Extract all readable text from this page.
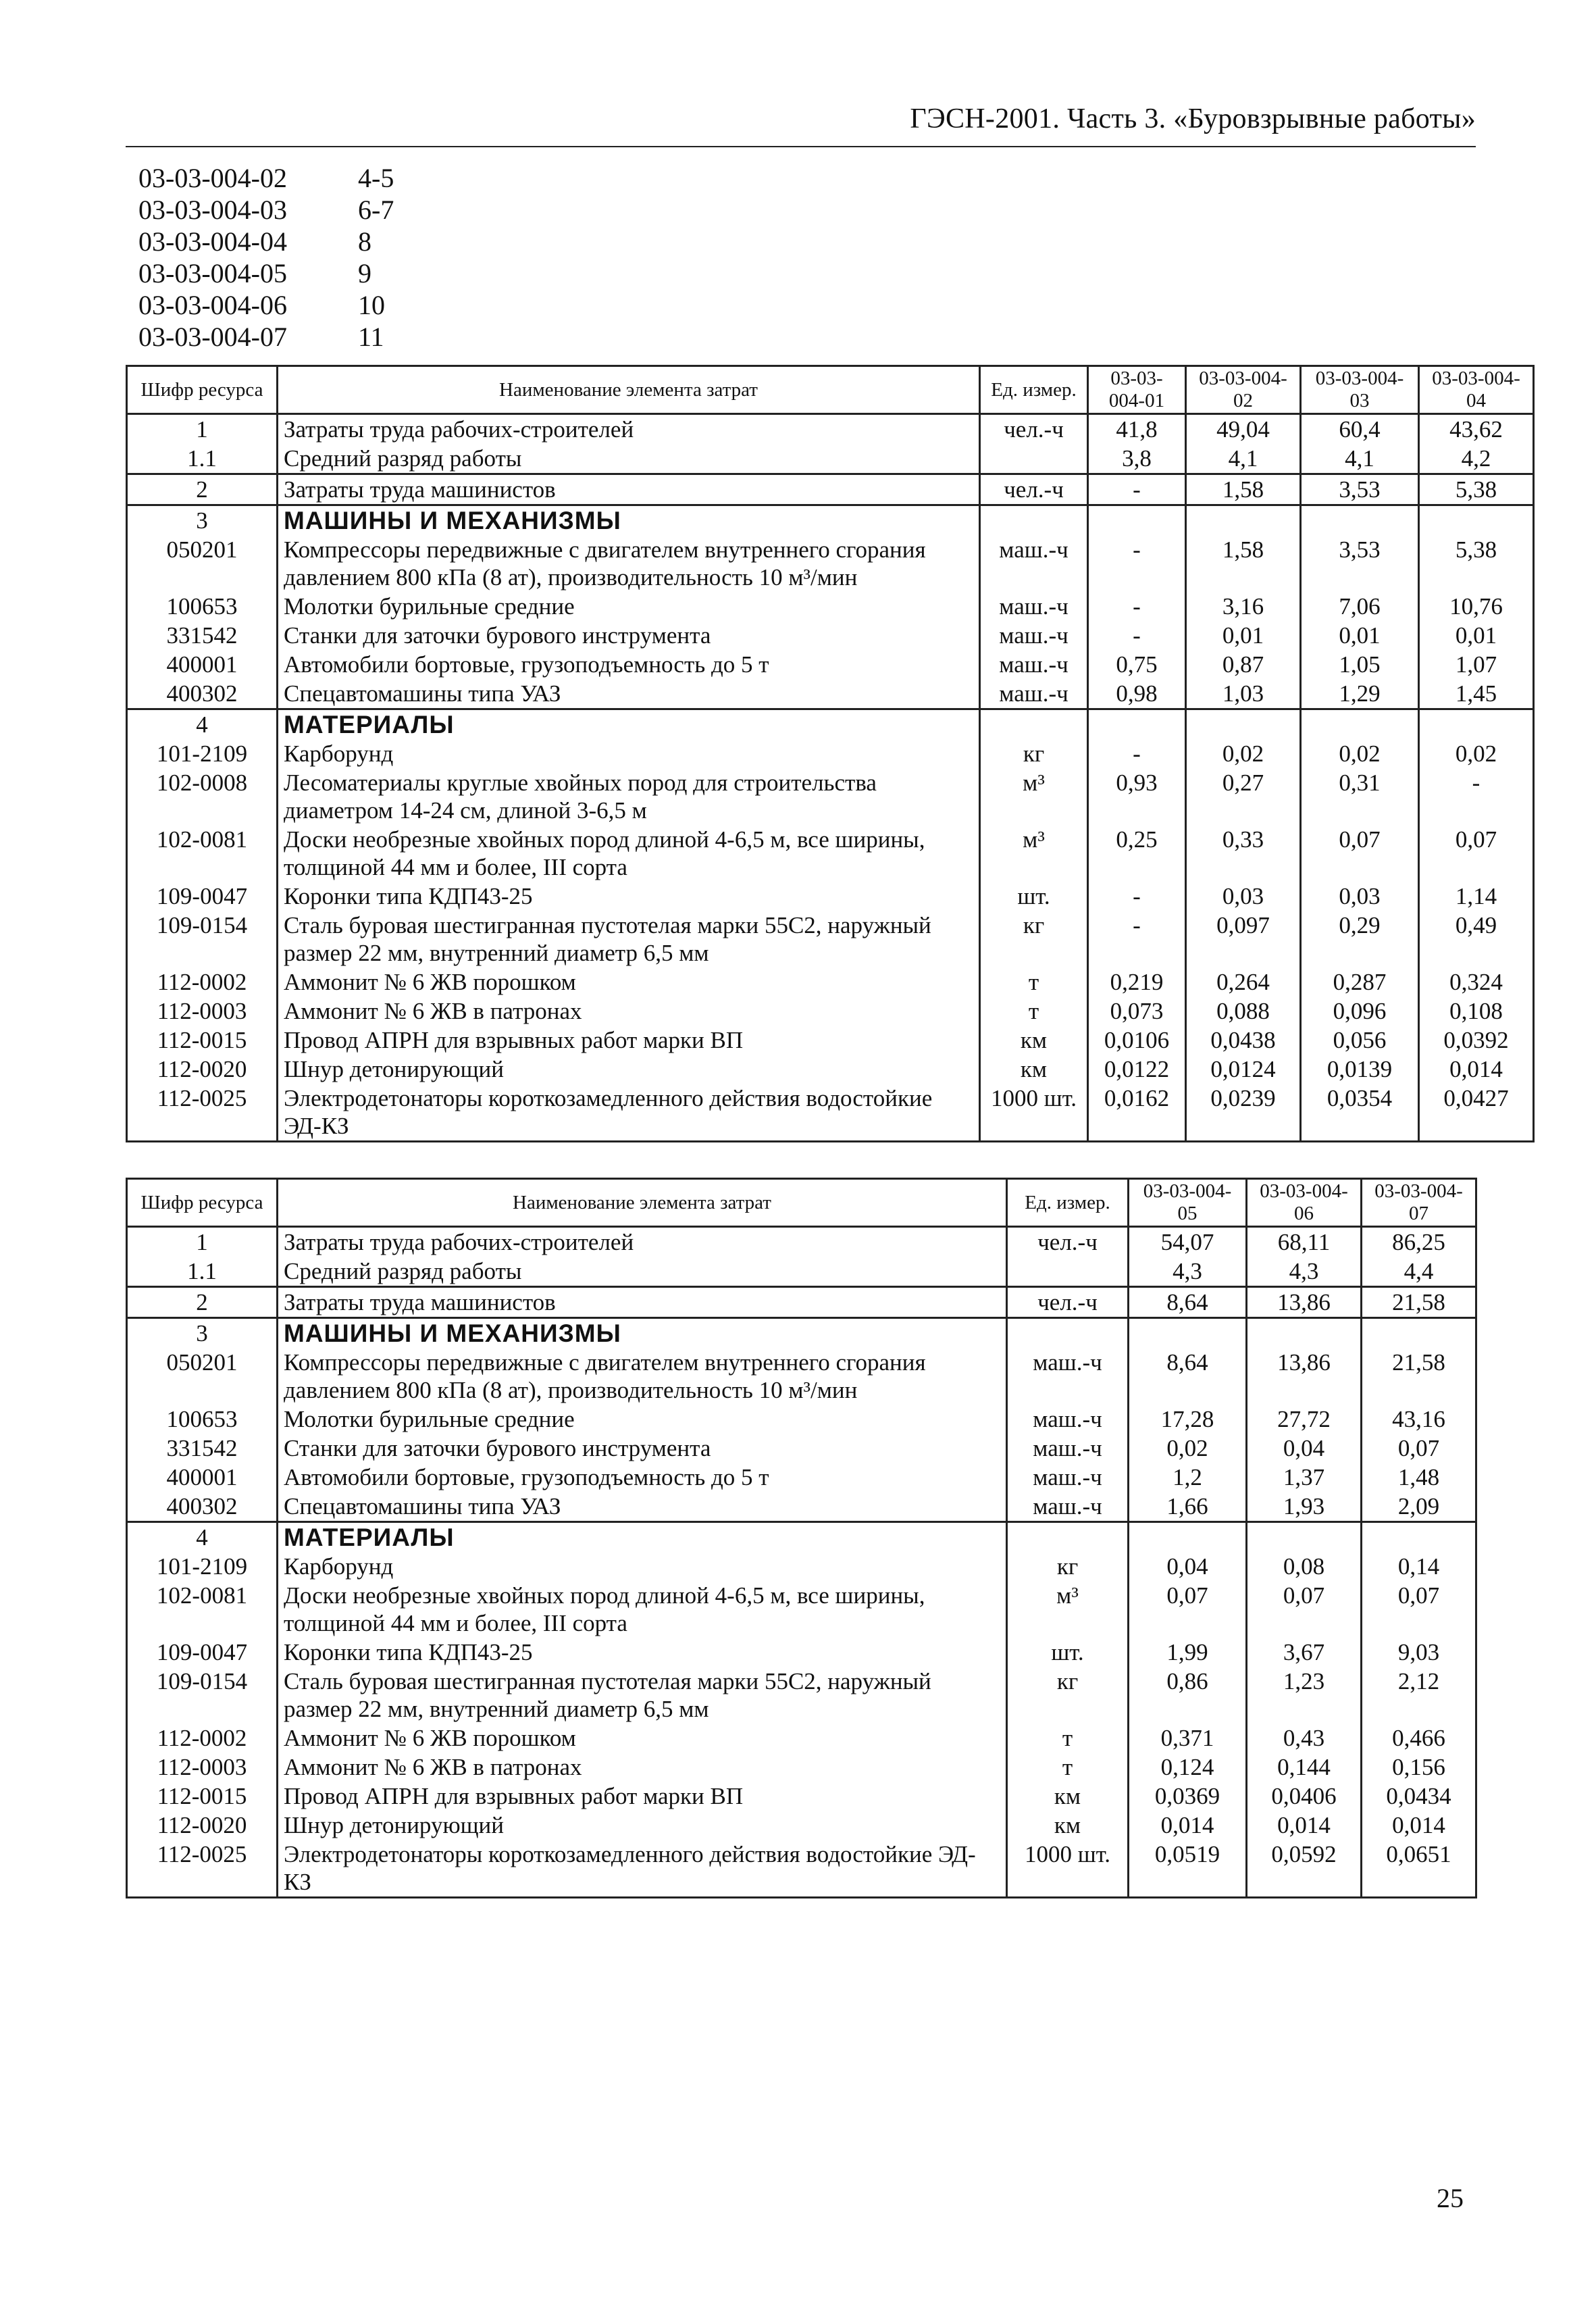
ГЭСН-2001. Часть 3. «Буровзрывные работы»
03-03-004-02	4-5
03-03-004-03	6-7
03-03-004-04	8
03-03-004-05	9
03-03-004-06	10
03-03-004-07	11
Шифр ресурса	Наименование элемента затрат	Ед. измер.	03-03-004-01	03-03-004-02	03-03-004-03	03-03-004-04
1	Затраты труда рабочих-строителей	чел.-ч	41,8	49,04	60,4	43,62
1.1	Средний разряд работы		3,8	4,1	4,1	4,2
2	Затраты труда машинистов	чел.-ч	-	1,58	3,53	5,38
3	МАШИНЫ И МЕХАНИЗМЫ					
050201	Компрессоры передвижные с двигателем внутреннего сгорания давлением 800 кПа (8 ат), производительность 10 м³/мин	маш.-ч	-	1,58	3,53	5,38
100653	Молотки бурильные средние	маш.-ч	-	3,16	7,06	10,76
331542	Станки для заточки бурового инструмента	маш.-ч	-	0,01	0,01	0,01
400001	Автомобили бортовые, грузоподъемность до 5 т	маш.-ч	0,75	0,87	1,05	1,07
400302	Спецавтомашины типа УАЗ	маш.-ч	0,98	1,03	1,29	1,45
4	МАТЕРИАЛЫ					
101-2109	Карборунд	кг	-	0,02	0,02	0,02
102-0008	Лесоматериалы круглые хвойных пород для строительства диаметром 14-24 см, длиной 3-6,5 м	м³	0,93	0,27	0,31	-
102-0081	Доски необрезные хвойных пород длиной 4-6,5 м, все ширины, толщиной 44 мм и более, III сорта	м³	0,25	0,33	0,07	0,07
109-0047	Коронки типа КДП43-25	шт.	-	0,03	0,03	1,14
109-0154	Сталь буровая шестигранная пустотелая марки 55С2, наружный размер 22 мм, внутренний диаметр 6,5 мм	кг	-	0,097	0,29	0,49
112-0002	Аммонит № 6 ЖВ порошком	т	0,219	0,264	0,287	0,324
112-0003	Аммонит № 6 ЖВ в патронах	т	0,073	0,088	0,096	0,108
112-0015	Провод АПРН для взрывных работ марки ВП	км	0,0106	0,0438	0,056	0,0392
112-0020	Шнур детонирующий	км	0,0122	0,0124	0,0139	0,014
112-0025	Электродетонаторы короткозамедленного действия водостойкие ЭД-КЗ	1000 шт.	0,0162	0,0239	0,0354	0,0427
Шифр ресурса	Наименование элемента затрат	Ед. измер.	03-03-004-05	03-03-004-06	03-03-004-07
1	Затраты труда рабочих-строителей	чел.-ч	54,07	68,11	86,25
1.1	Средний разряд работы		4,3	4,3	4,4
2	Затраты труда машинистов	чел.-ч	8,64	13,86	21,58
3	МАШИНЫ И МЕХАНИЗМЫ				
050201	Компрессоры передвижные с двигателем внутреннего сгорания давлением 800 кПа (8 ат), производительность 10 м³/мин	маш.-ч	8,64	13,86	21,58
100653	Молотки бурильные средние	маш.-ч	17,28	27,72	43,16
331542	Станки для заточки бурового инструмента	маш.-ч	0,02	0,04	0,07
400001	Автомобили бортовые, грузоподъемность до 5 т	маш.-ч	1,2	1,37	1,48
400302	Спецавтомашины типа УАЗ	маш.-ч	1,66	1,93	2,09
4	МАТЕРИАЛЫ				
101-2109	Карборунд	кг	0,04	0,08	0,14
102-0081	Доски необрезные хвойных пород длиной 4-6,5 м, все ширины, толщиной 44 мм и более, III сорта	м³	0,07	0,07	0,07
109-0047	Коронки типа КДП43-25	шт.	1,99	3,67	9,03
109-0154	Сталь буровая шестигранная пустотелая марки 55С2, наружный размер 22 мм, внутренний диаметр 6,5 мм	кг	0,86	1,23	2,12
112-0002	Аммонит № 6 ЖВ порошком	т	0,371	0,43	0,466
112-0003	Аммонит № 6 ЖВ в патронах	т	0,124	0,144	0,156
112-0015	Провод АПРН для взрывных работ марки ВП	км	0,0369	0,0406	0,0434
112-0020	Шнур детонирующий	км	0,014	0,014	0,014
112-0025	Электродетонаторы короткозамедленного действия водостойкие ЭД-КЗ	1000 шт.	0,0519	0,0592	0,0651
25
